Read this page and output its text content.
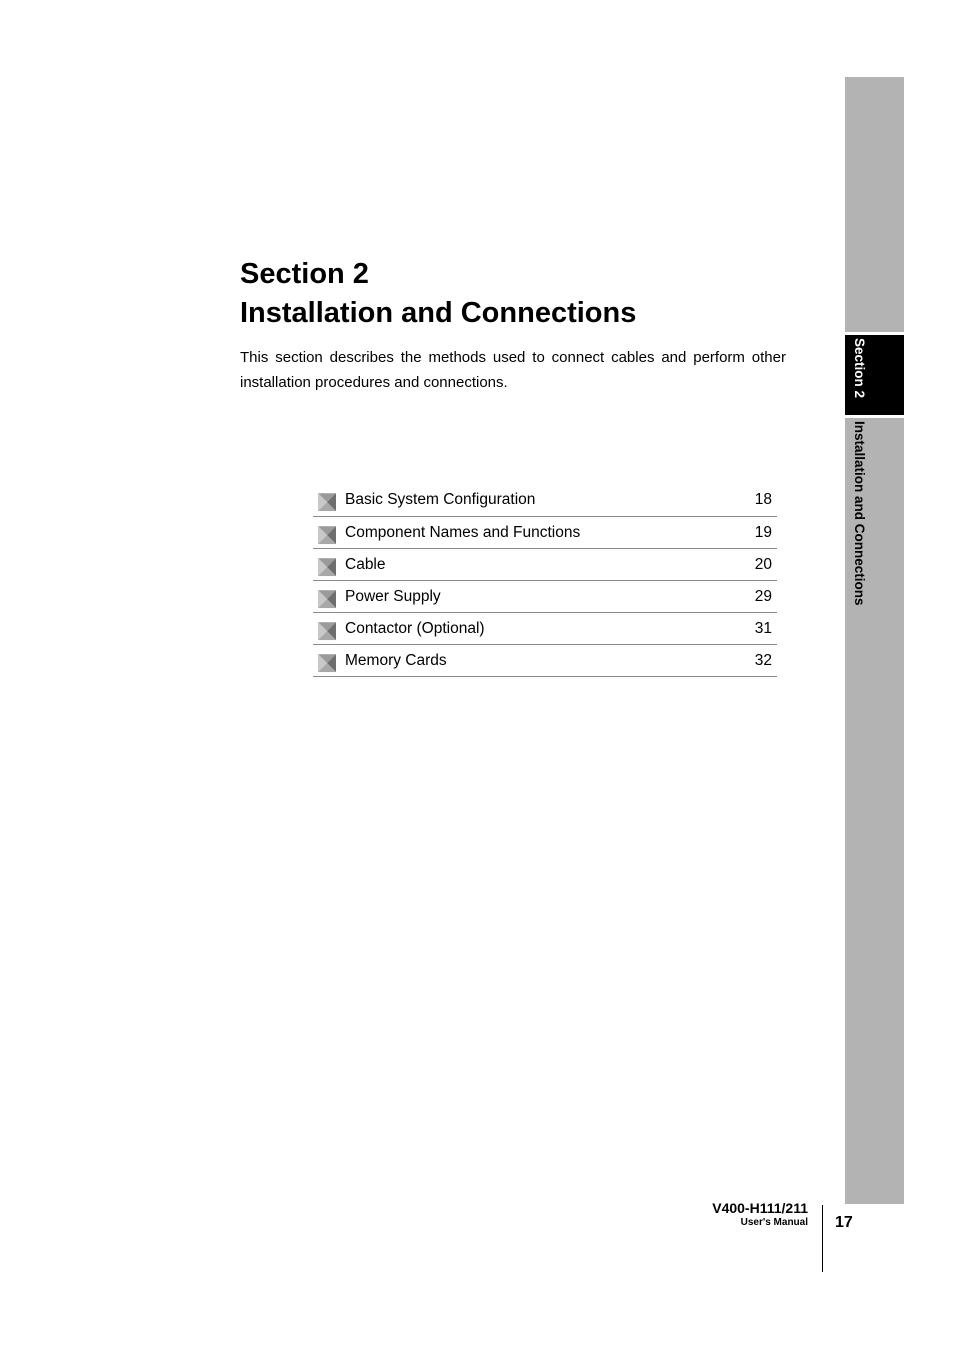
Section 2
Installation and Connections

This section describes the methods used to connect cables and perform other installation procedures and connections.

Basic System Configuration	18
Component Names and Functions	19
Cable	20
Power Supply	29
Contactor (Optional)	31
Memory Cards	32
Section 2
Installation and Connections
V400-H111/211
User's Manual 17
